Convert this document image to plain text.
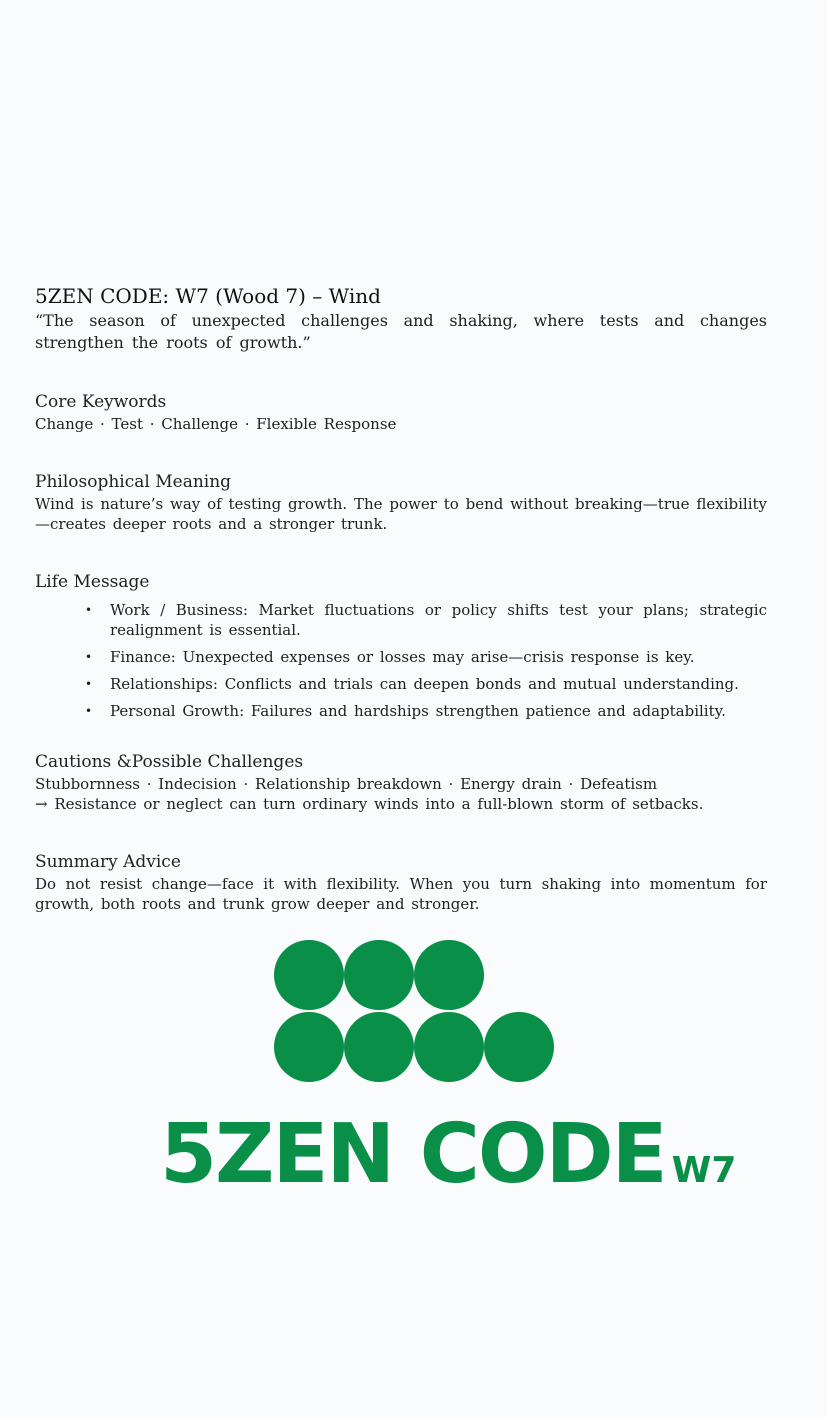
5ZEN CODE: W7 (Wood 7) – Wind

“The season of unexpected challenges and shaking, where tests and changes strengthen the roots of growth.”

Core Keywords

Change · Test · Challenge · Flexible Response

Philosophical Meaning

Wind is nature’s way of testing growth. The power to bend without breaking—true flexibility—creates deeper roots and a stronger trunk.

Life Message
• Work / Business: Market fluctuations or policy shifts test your plans; strategic realignment is essential.
• Finance: Unexpected expenses or losses may arise—crisis response is key.
• Relationships: Conflicts and trials can deepen bonds and mutual understanding.
• Personal Growth: Failures and hardships strengthen patience and adaptability.
Cautions &Possible Challenges

Stubbornness · Indecision · Relationship breakdown · Energy drain · Defeatism

→ Resistance or neglect can turn ordinary winds into a full-blown storm of setbacks.

Summary Advice

Do not resist change—face it with flexibility. When you turn shaking into momentum for growth, both roots and trunk grow deeper and stronger.

5ZEN CODE W7
